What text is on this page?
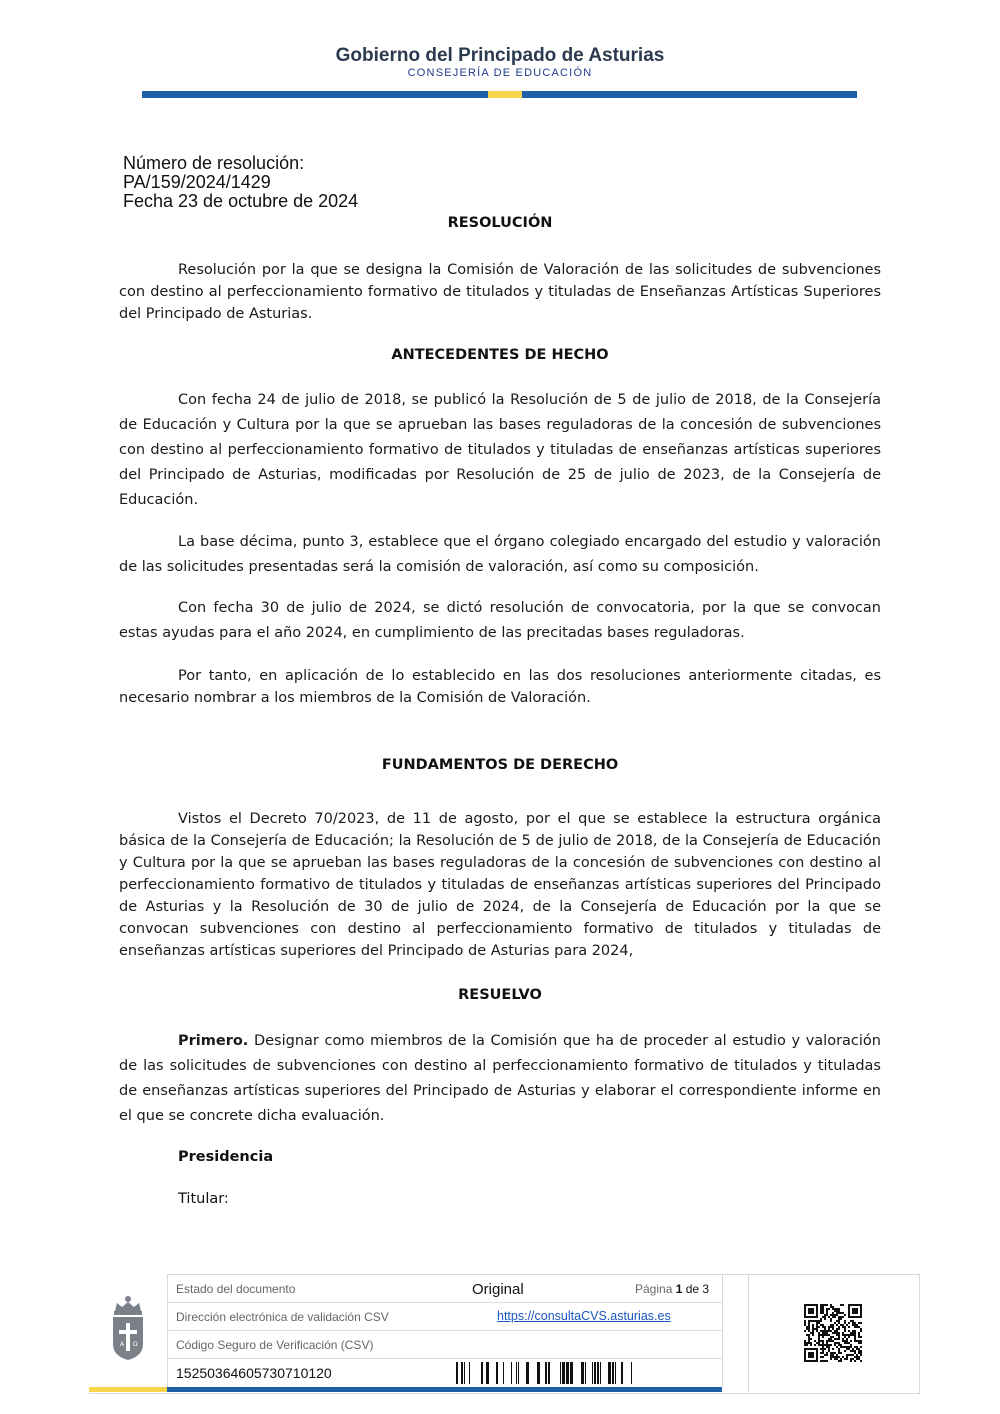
Gobierno del Principado de Asturias
CONSEJERÍA DE EDUCACIÓN
Número de resolución:
PA/159/2024/1429
Fecha 23 de octubre de 2024
RESOLUCIÓN
Resolución por la que se designa la Comisión de Valoración de las solicitudes de subvenciones con destino al perfeccionamiento formativo de titulados y tituladas de Enseñanzas Artísticas Superiores del Principado de Asturias.
ANTECEDENTES DE HECHO
Con fecha 24 de julio de 2018, se publicó la Resolución de 5 de julio de 2018, de la Consejería de Educación y Cultura por la que se aprueban las bases reguladoras de la concesión de subvenciones con destino al perfeccionamiento formativo de titulados y tituladas de enseñanzas artísticas superiores del Principado de Asturias, modificadas por Resolución de 25 de julio de 2023, de la Consejería de Educación.
La base décima, punto 3, establece que el órgano colegiado encargado del estudio y valoración de las solicitudes presentadas será la comisión de valoración, así como su composición.
Con fecha 30 de julio de 2024, se dictó resolución de convocatoria, por la que se convocan estas ayudas para el año 2024, en cumplimiento de las precitadas bases reguladoras.
Por tanto, en aplicación de lo establecido en las dos resoluciones anteriormente citadas, es necesario nombrar a los miembros de la Comisión de Valoración.
FUNDAMENTOS DE DERECHO
Vistos el Decreto 70/2023, de 11 de agosto, por el que se establece la estructura orgánica básica de la Consejería de Educación; la Resolución de 5 de julio de 2018, de la Consejería de Educación y Cultura por la que se aprueban las bases reguladoras de la concesión de subvenciones con destino al perfeccionamiento formativo de titulados y tituladas de enseñanzas artísticas superiores del Principado de Asturias y la Resolución de 30 de julio de 2024, de la Consejería de Educación por la que se convocan subvenciones con destino al perfeccionamiento formativo de titulados y tituladas de enseñanzas artísticas superiores del Principado de Asturias para 2024,
RESUELVO
Primero. Designar como miembros de la Comisión que ha de proceder al estudio y valoración de las solicitudes de subvenciones con destino al perfeccionamiento formativo de titulados y tituladas de enseñanzas artísticas superiores del Principado de Asturias y elaborar el correspondiente informe en el que se concrete dicha evaluación.
Presidencia
Titular:
A Ω
Estado del documento	Original	Página 1 de 3
Dirección electrónica de validación CSV	https://consultaCVS.asturias.es
Código Seguro de Verificación (CSV)
15250364605730710120
